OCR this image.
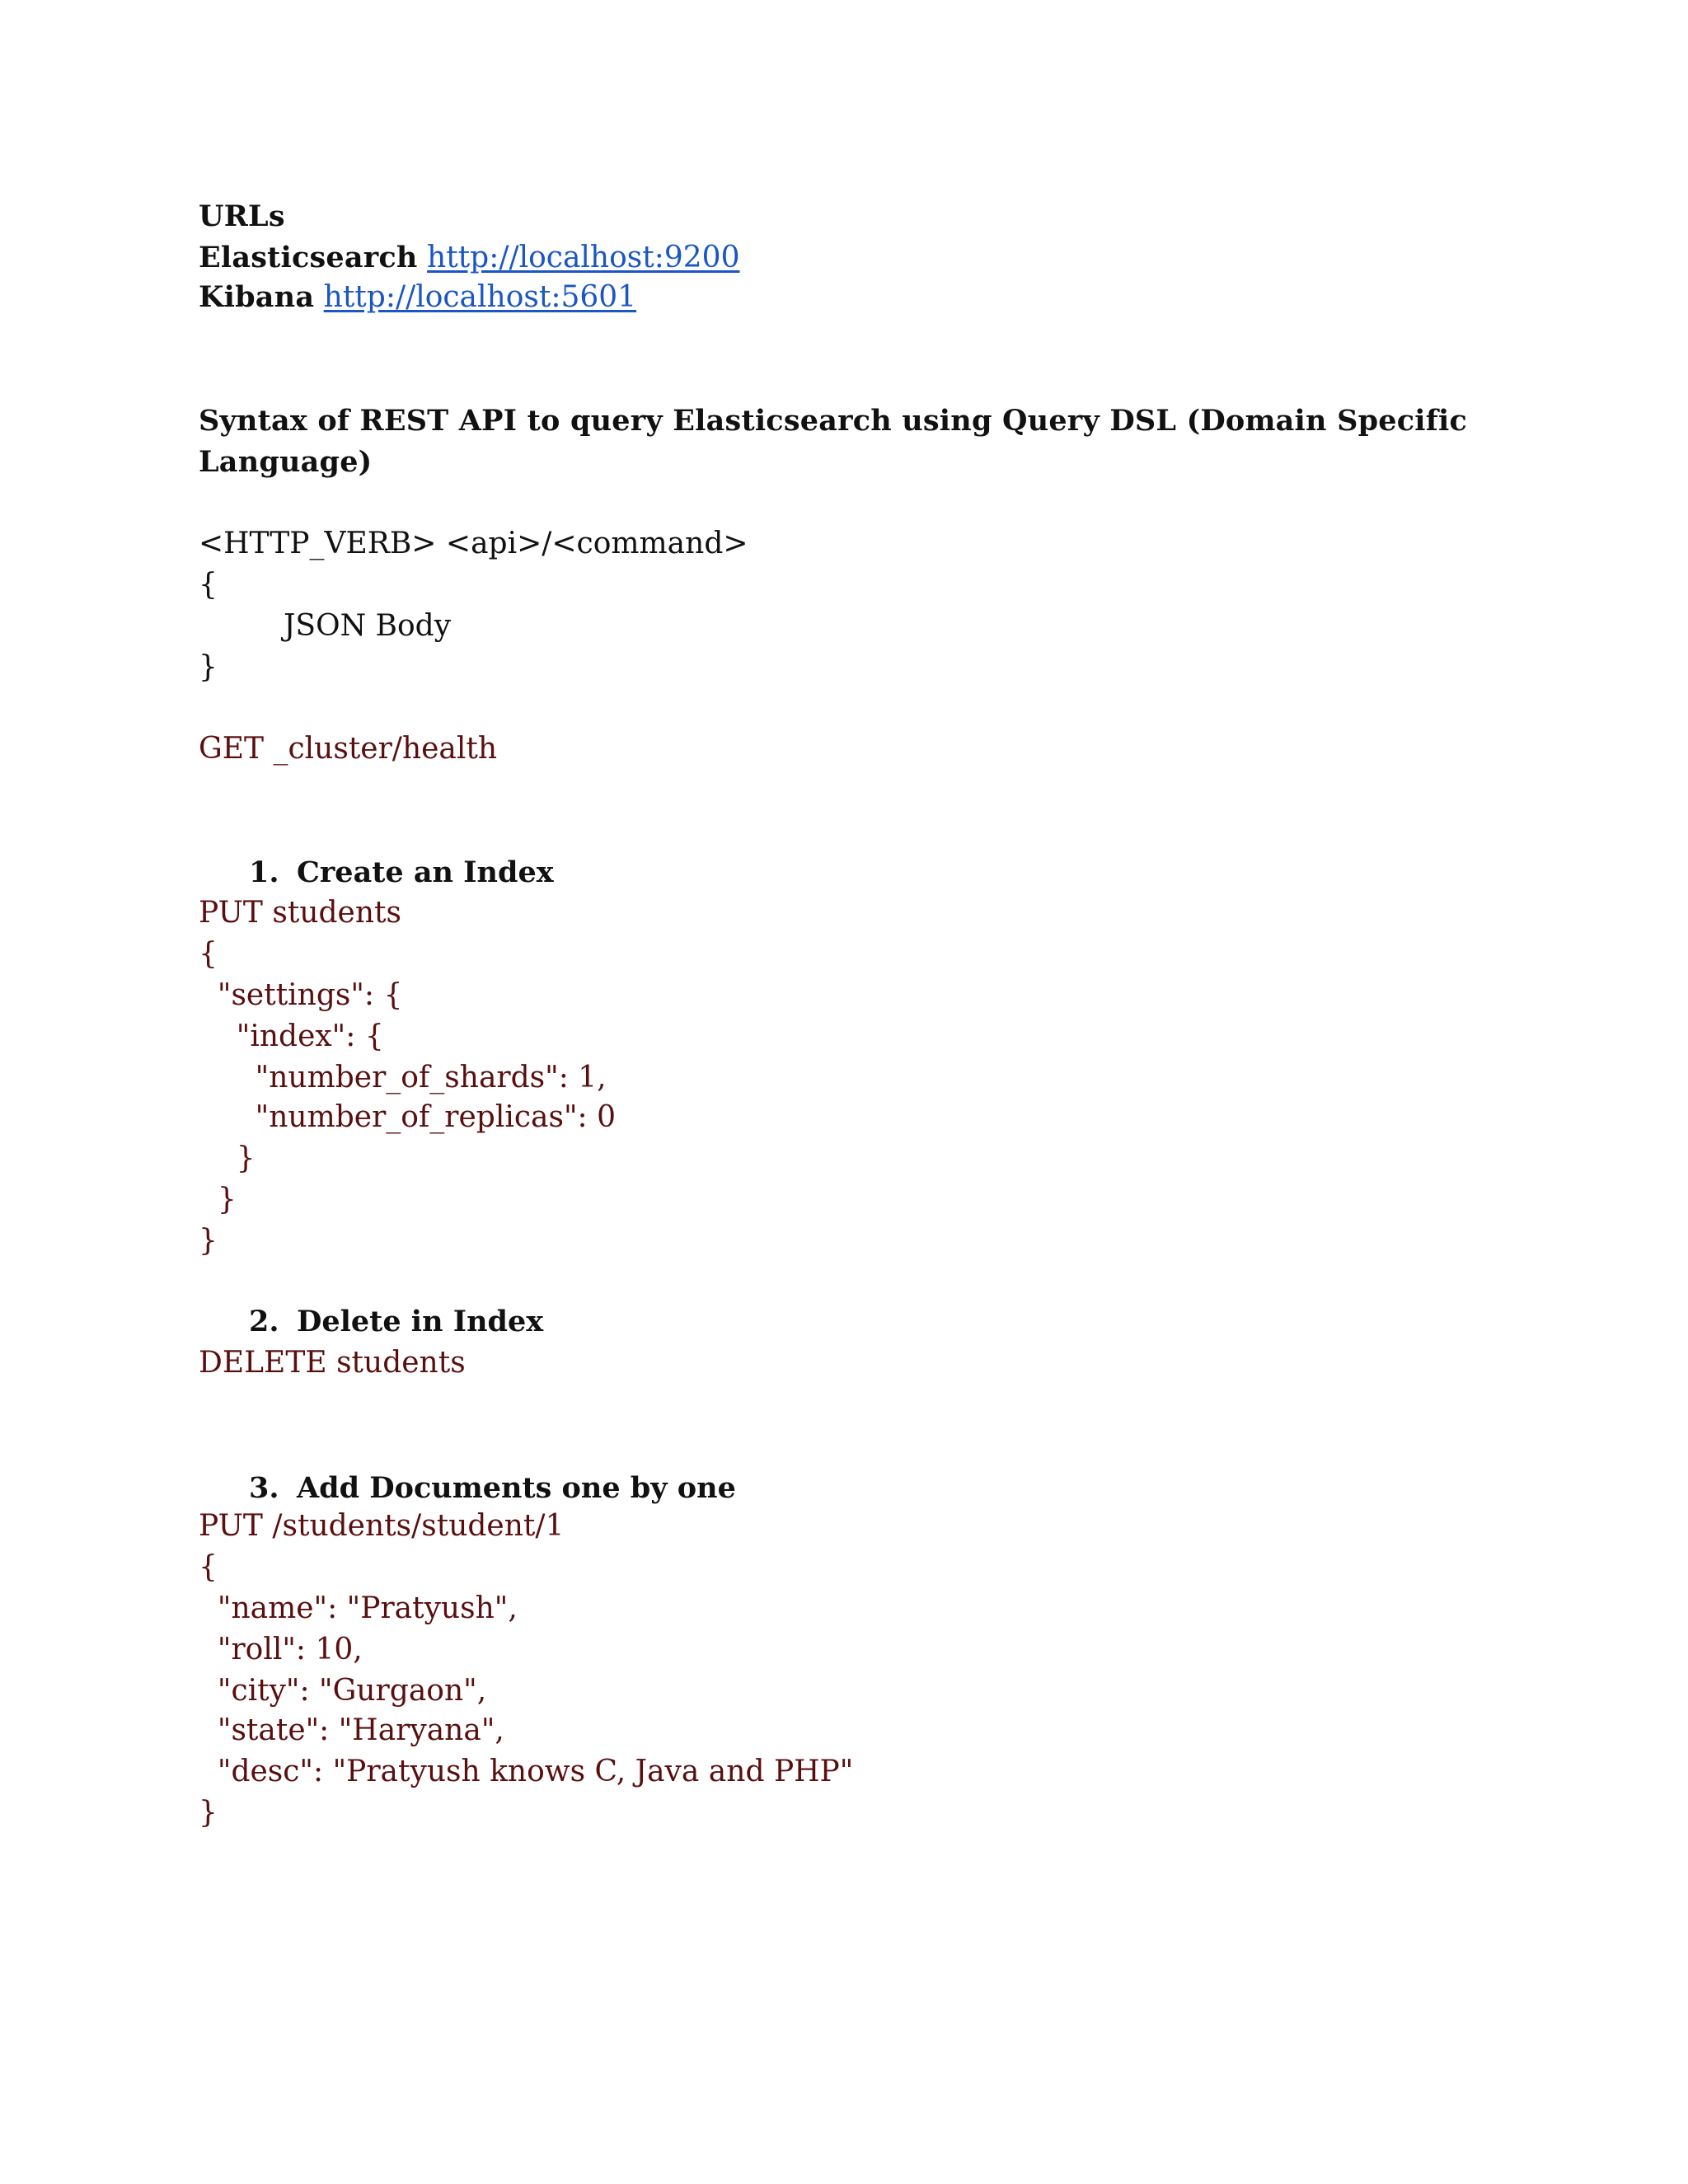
URLs

Elasticsearch http://localhost:9200

Kibana http://localhost:5601

Syntax of REST API to query Elasticsearch using Query DSL (Domain Specific

Language)

<HTTP_VERB> <api>/<command>

{

JSON Body

}

GET _cluster/health

1. Create an Index

PUT students

{

"settings": {

"index": {

"number_of_shards": 1,

"number_of_replicas": 0

}

}

}

2. Delete in Index

DELETE students

3. Add Documents one by one

PUT /students/student/1

{

"name": "Pratyush",

"roll": 10,

"city": "Gurgaon",

"state": "Haryana",

"desc": "Pratyush knows C, Java and PHP"

}
